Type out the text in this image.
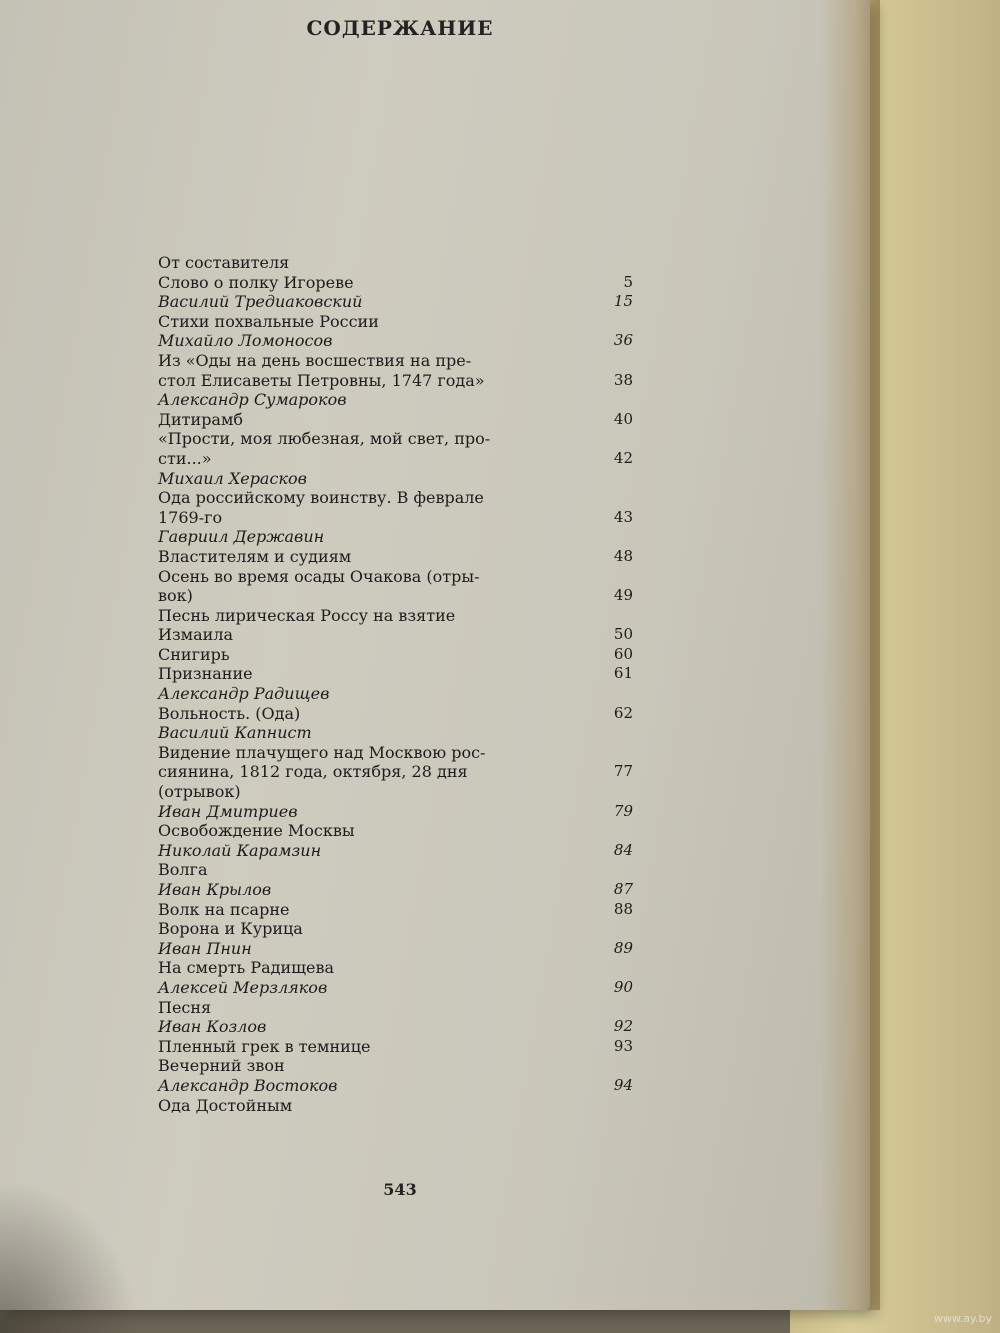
СОДЕРЖАНИЕ
От составителя
Слово о полку Игореве	5
Василий Тредиаковский	15
Стихи похвальные России
Михайло Ломоносов	36
Из «Оды на день восшествия на пре-
стол Елисаветы Петровны, 1747 года»	38
Александр Сумароков
Дитирамб	40
«Прости, моя любезная, мой свет, про-
сти...»	42
Михаил Херасков
Ода российскому воинству. В феврале
1769-го	43
Гавриил Державин
Властителям и судиям	48
Осень во время осады Очакова (отры-
вок)	49
Песнь лирическая Россу на взятие
Измаила	50
Снигирь	60
Признание	61
Александр Радищев
Вольность. (Ода)	62
Василий Капнист
Видение плачущего над Москвою рос-
сиянина, 1812 года, октября, 28 дня	77
(отрывок)
Иван Дмитриев	79
Освобождение Москвы
Николай Карамзин	84
Волга
Иван Крылов	87
Волк на псарне	88
Ворона и Курица
Иван Пнин	89
На смерть Радищева
Алексей Мерзляков	90
Песня
Иван Козлов	92
Пленный грек в темнице	93
Вечерний звон
Александр Востоков	94
Ода Достойным
543
www.ay.by
